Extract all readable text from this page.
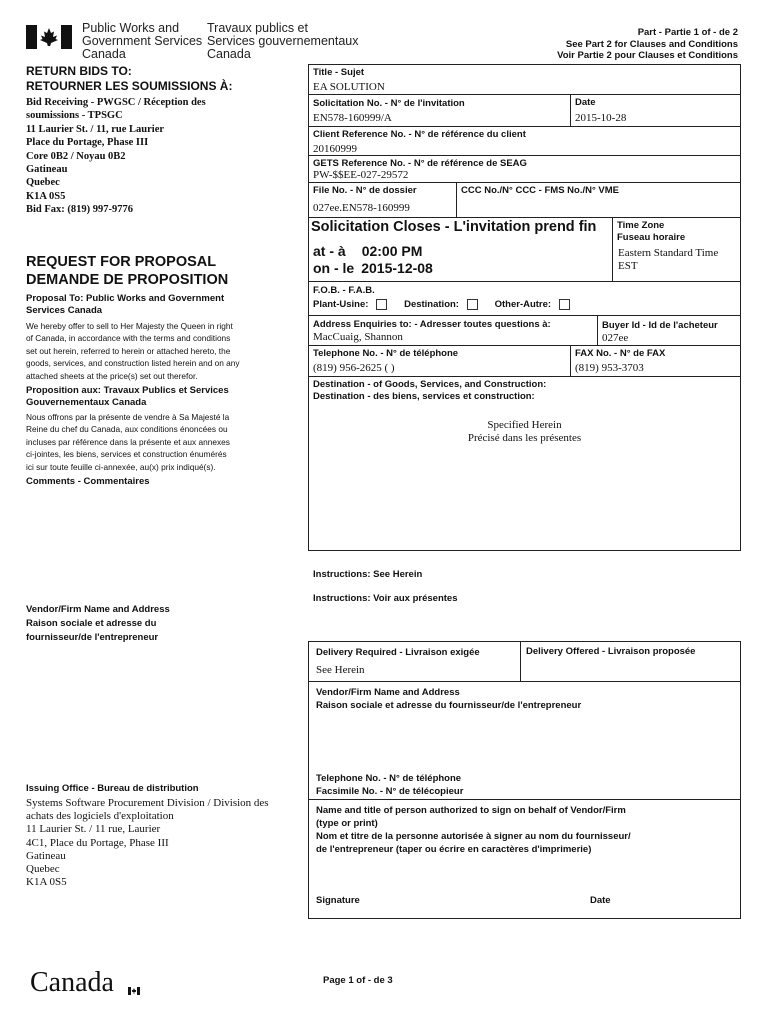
Public Works and
Government Services
Canada
Travaux publics et
Services gouvernementaux
Canada
Part - Partie 1 of - de 2
See Part 2 for Clauses and Conditions
Voir Partie 2 pour Clauses et Conditions
RETURN BIDS TO:
RETOURNER LES SOUMISSIONS À:
Bid Receiving - PWGSC / Réception des
soumissions - TPSGC
11 Laurier St. / 11, rue Laurier
Place du Portage, Phase III
Core 0B2 / Noyau 0B2
Gatineau
Quebec
K1A 0S5
Bid Fax: (819) 997-9776
REQUEST FOR PROPOSAL
DEMANDE DE PROPOSITION
Proposal To: Public Works and Government
Services Canada
We hereby offer to sell to Her Majesty the Queen in right
of Canada, in accordance with the terms and conditions
set out herein, referred to herein or attached hereto, the
goods, services, and construction listed herein and on any
attached sheets at the price(s) set out therefor.
Proposition aux: Travaux Publics et Services
Gouvernementaux Canada
Nous offrons par la présente de vendre à Sa Majesté la
Reine du chef du Canada, aux conditions énoncées ou
incluses par référence dans la présente et aux annexes
ci-jointes, les biens, services et construction énumérés
ici sur toute feuille ci-annexée, au(x) prix indiqué(s).
Comments - Commentaires
Vendor/Firm Name and Address
Raison sociale et adresse du
fournisseur/de l'entrepreneur
Issuing Office - Bureau de distribution
Systems Software Procurement Division / Division des
achats des logiciels d'exploitation
11 Laurier St. / 11 rue, Laurier
4C1, Place du Portage, Phase III
Gatineau
Quebec
K1A 0S5
Title - Sujet
EA SOLUTION
Solicitation No. - N° de l'invitation
EN578-160999/A
Date
2015-10-28
Client Reference No. - N° de référence du client
20160999
GETS Reference No. - N° de référence de SEAG
PW-$$EE-027-29572
File No. - N° de dossier
027ee.EN578-160999
CCC No./N° CCC - FMS No./N° VME
Solicitation Closes - L'invitation prend fin
at - à 02:00 PM
on - le 2015-12-08
Time Zone
Fuseau horaire
Eastern Standard Time
EST
F.O.B. - F.A.B.
Plant-Usine:	Destination:	Other-Autre:
Address Enquiries to: - Adresser toutes questions à:
MacCuaig, Shannon
Buyer Id - Id de l'acheteur
027ee
Telephone No. - N° de téléphone
(819) 956-2625 ( )
FAX No. - N° de FAX
(819) 953-3703
Destination - of Goods, Services, and Construction:
Destination - des biens, services et construction:
Specified Herein
Précisé dans les présentes
Instructions: See Herein
Instructions: Voir aux présentes
Delivery Required - Livraison exigée
See Herein
Delivery Offered - Livraison proposée
Vendor/Firm Name and Address
Raison sociale et adresse du fournisseur/de l'entrepreneur
Telephone No. - N° de téléphone
Facsimile No. - N° de télécopieur
Name and title of person authorized to sign on behalf of Vendor/Firm
(type or print)
Nom et titre de la personne autorisée à signer au nom du fournisseur/
de l'entrepreneur (taper ou écrire en caractères d'imprimerie)
Signature	Date
Canada	Page 1 of - de 3
